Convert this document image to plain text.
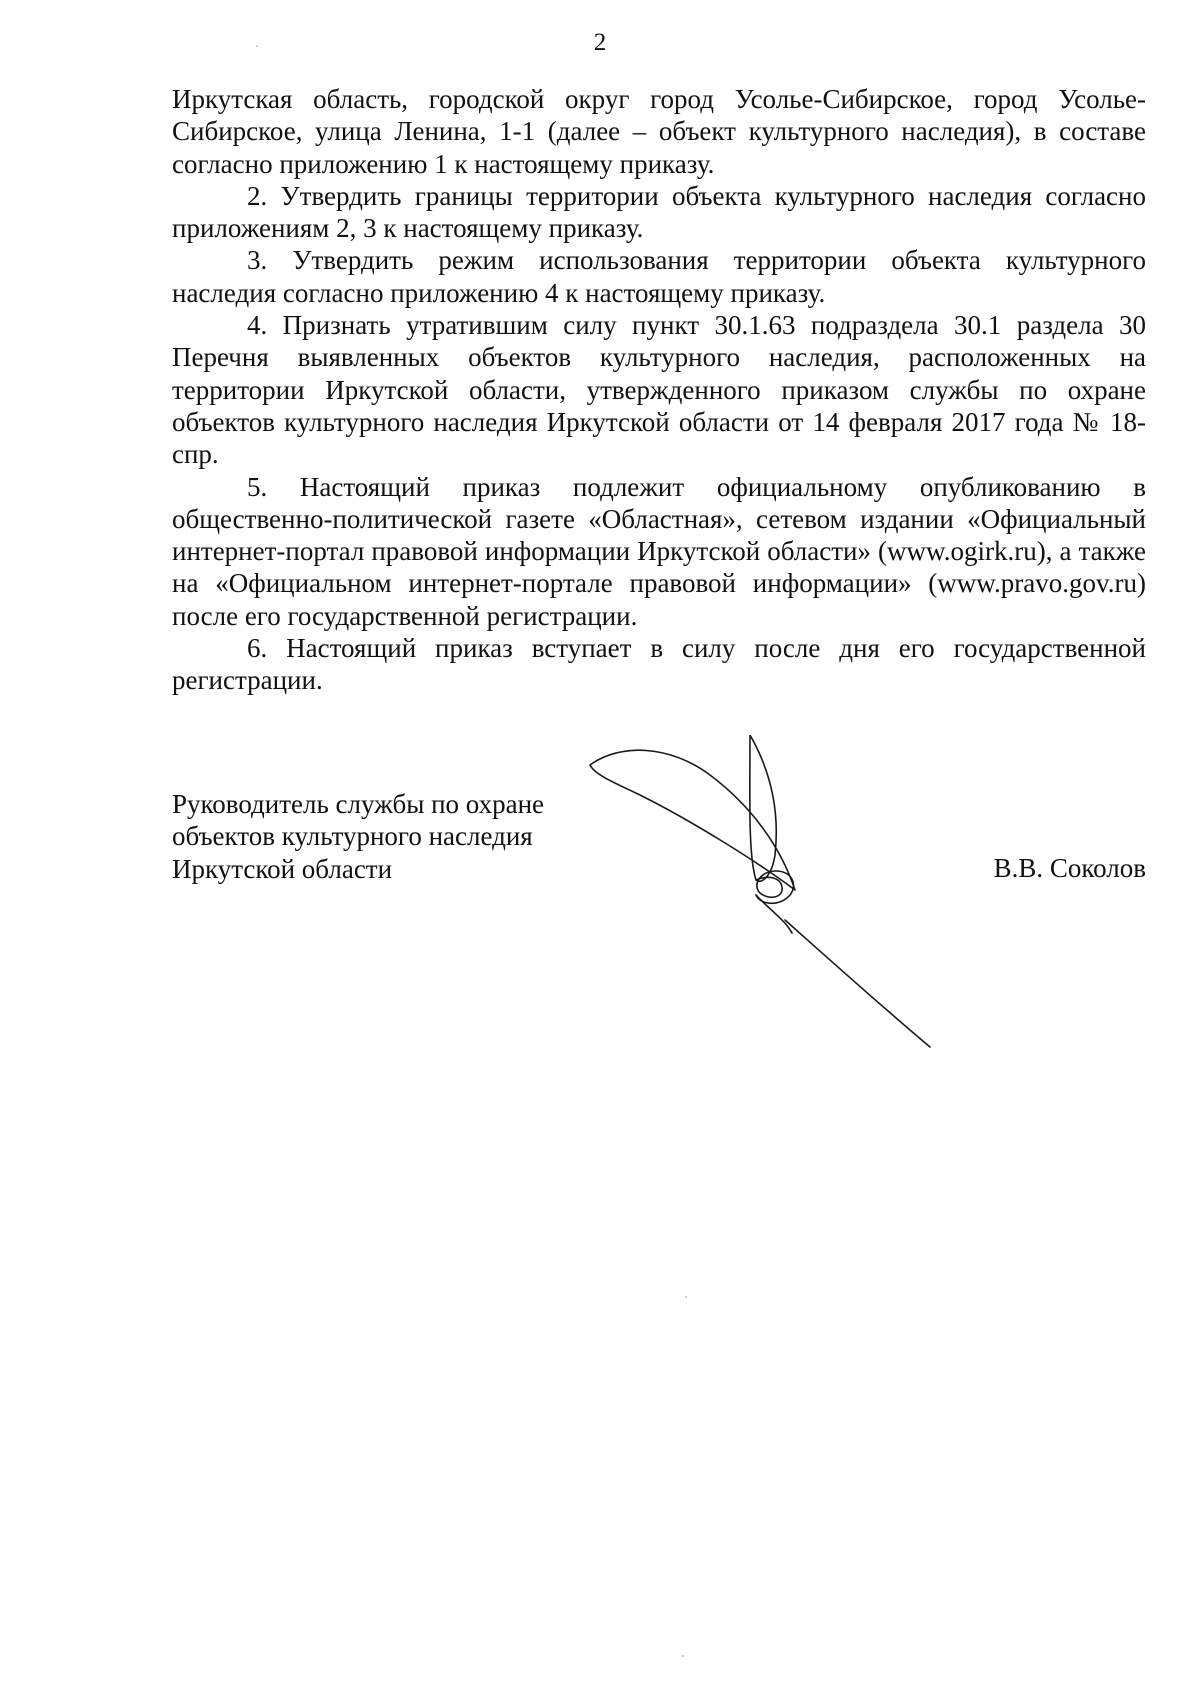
2

Иркутская область, городской округ город Усолье-Сибирское, город Усолье-Сибирское, улица Ленина, 1-1 (далее – объект культурного наследия), в составе согласно приложению 1 к настоящему приказу.

2. Утвердить границы территории объекта культурного наследия согласно приложениям 2, 3 к настоящему приказу.

3. Утвердить режим использования территории объекта культурного наследия согласно приложению 4 к настоящему приказу.

4. Признать утратившим силу пункт 30.1.63 подраздела 30.1 раздела 30 Перечня выявленных объектов культурного наследия, расположенных на территории Иркутской области, утвержденного приказом службы по охране объектов культурного наследия Иркутской области от 14 февраля 2017 года № 18-спр.

5. Настоящий приказ подлежит официальному опубликованию в общественно-политической газете «Областная», сетевом издании «Официальный интернет-портал правовой информации Иркутской области» (www.ogirk.ru), а также на «Официальном интернет-портале правовой информации» (www.pravo.gov.ru) после его государственной регистрации.

6. Настоящий приказ вступает в силу после дня его государственной регистрации.

Руководитель службы по охране
объектов культурного наследия
Иркутской области	В.В. Соколов
